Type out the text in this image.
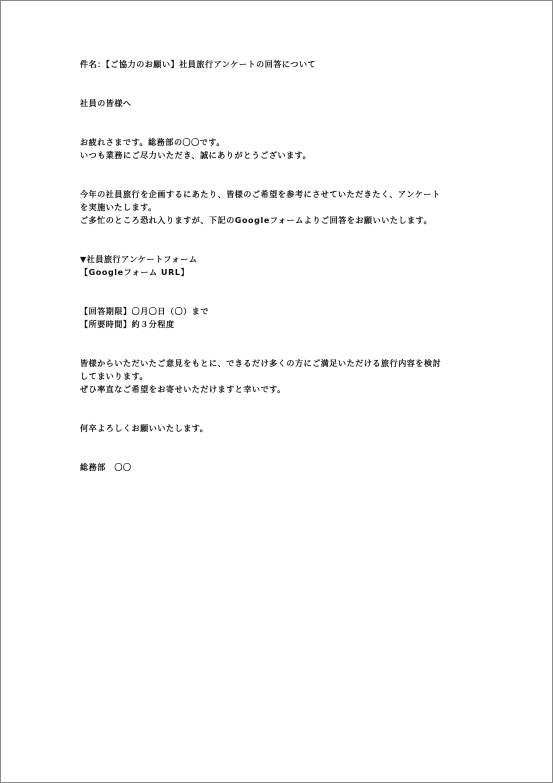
件名：【ご協力のお願い】社員旅行アンケートの回答について
社員の皆様へ
お疲れさまです。総務部の〇〇です。
いつも業務にご尽力いただき、誠にありがとうございます。
今年の社員旅行を企画するにあたり、皆様のご希望を参考にさせていただきたく、アンケート
を実施いたします。
ご多忙のところ恐れ入りますが、下記のGoogleフォームよりご回答をお願いいたします。
▼社員旅行アンケートフォーム
【Googleフォーム URL】
【回答期限】〇月〇日（〇）まで
【所要時間】約３分程度
皆様からいただいたご意見をもとに、できるだけ多くの方にご満足いただける旅行内容を検討
してまいります。
ぜひ率直なご希望をお寄せいただけますと幸いです。
何卒よろしくお願いいたします。
総務部　〇〇
